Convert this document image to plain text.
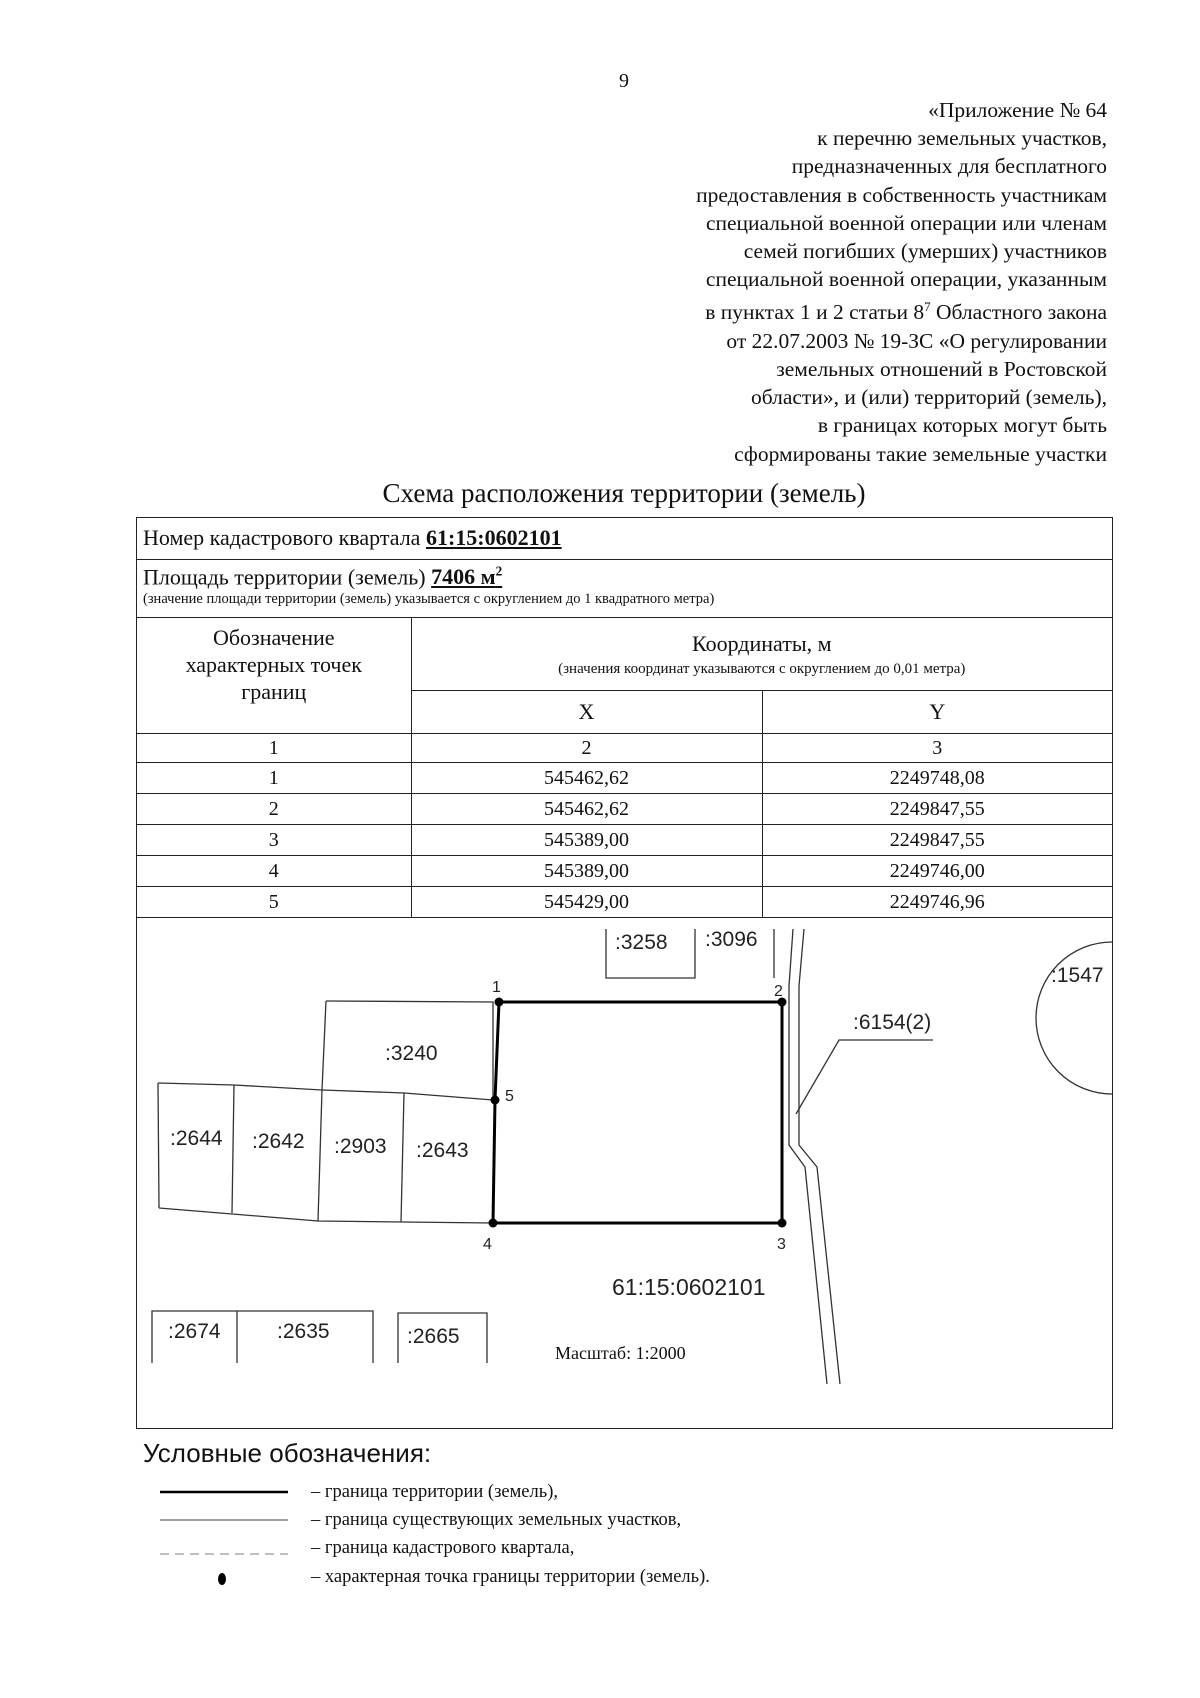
9
«Приложение № 64
к перечню земельных участков,
предназначенных для бесплатного
предоставления в собственность участникам
специальной военной операции или членам
семей погибших (умерших) участников
специальной военной операции, указанным
в пунктах 1 и 2 статьи $8^7$ Областного закона
от 22.07.2003 № 19-ЗС «О регулировании
земельных отношений в Ростовской
области», и (или) территорий (земель),
в границах которых могут быть
сформированы такие земельные участки
Схема расположения территории (земель)
Номер кадастрового квартала 61:15:0602101
Площадь территории (земель) 7406 $м^2$
(значение площади территории (земель) указывается с округлением до 1 квадратного метра)
Обозначение
характерных точек
границ	Координаты, м
(значения координат указываются с округлением до 0,01 метра)	

	X	Y
1	2	3
1	545462,62	2249748,08
2	545462,62	2249847,55
3	545389,00	2249847,55
4	545389,00	2249746,00
5	545429,00	2249746,96
:3258 :3096
:1547
:6154(2)
:3240
:2644 :2642 :2903 :2643
:2674	:2635	:2665
61:15:0602101
1	2
3
4
5
Масштаб: 1:2000
Условные обозначения:
– граница территории (земель),
– граница существующих земельных участков,
– граница кадастрового квартала,
– характерная точка границы территории (земель).
